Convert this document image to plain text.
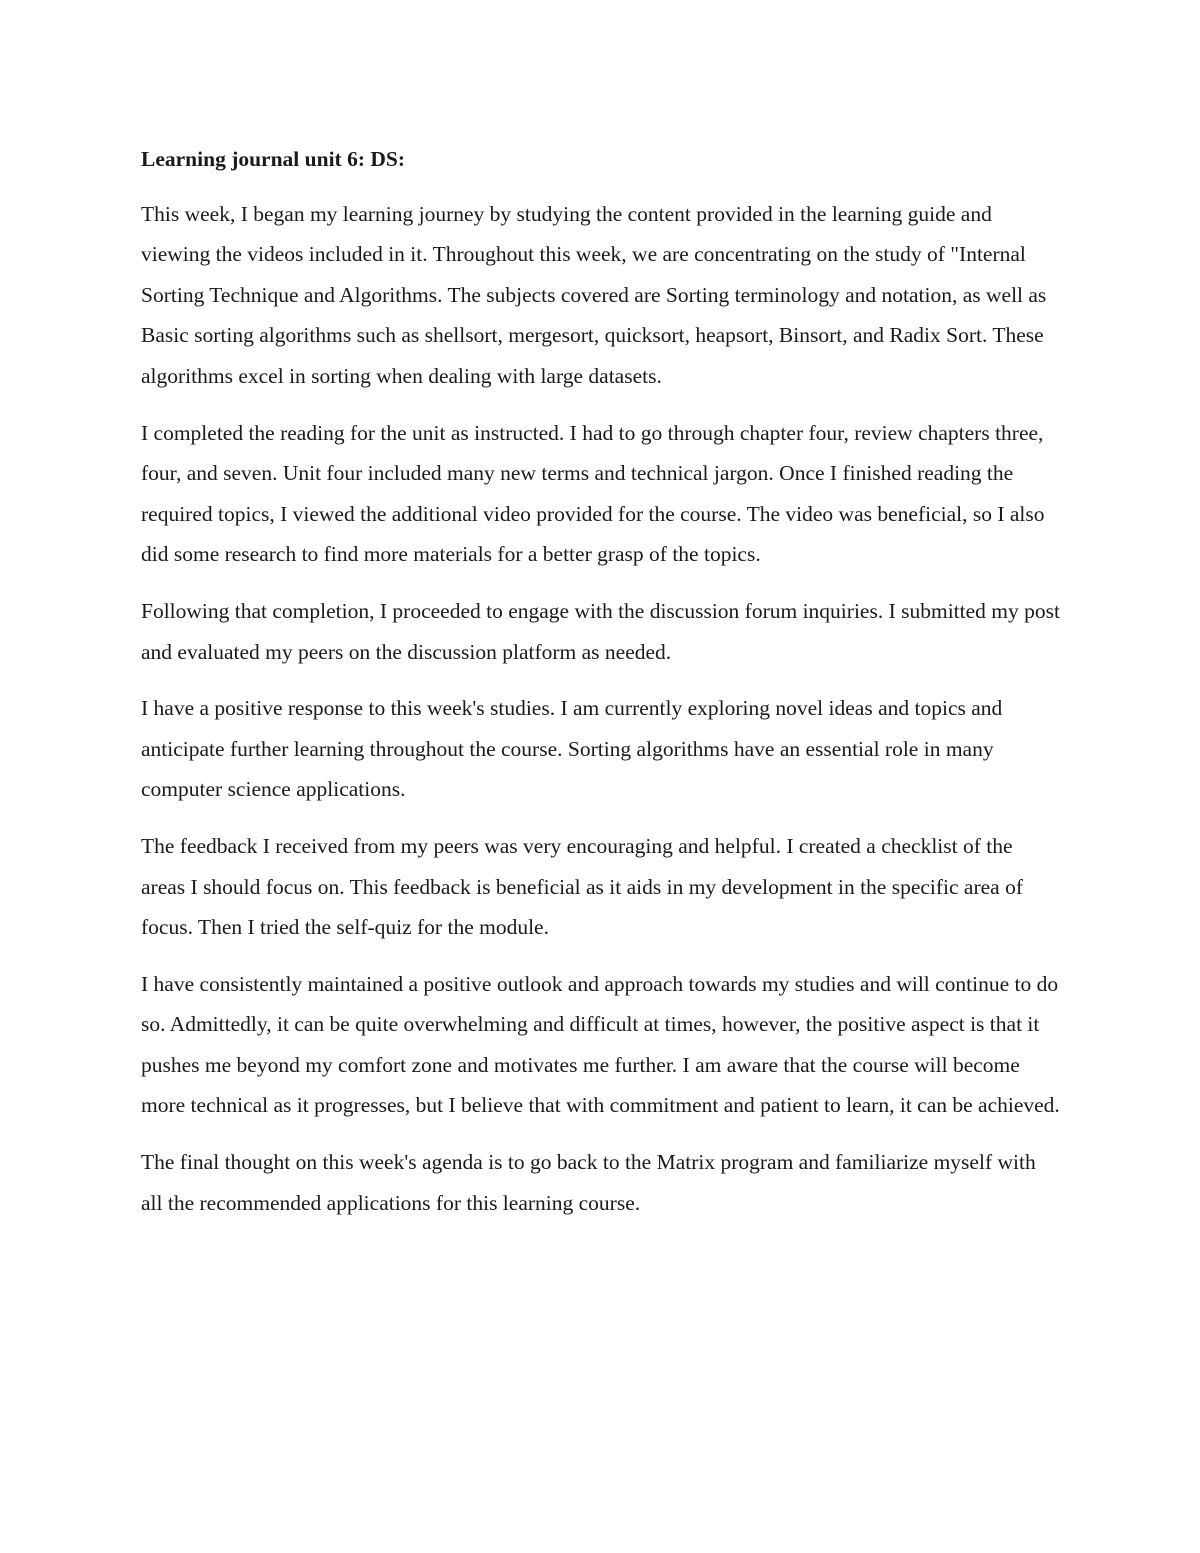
Learning journal unit 6: DS:

This week, I began my learning journey by studying the content provided in the learning guide and viewing the videos included in it. Throughout this week, we are concentrating on the study of "Internal Sorting Technique and Algorithms. The subjects covered are Sorting terminology and notation, as well as Basic sorting algorithms such as shellsort, mergesort, quicksort, heapsort, Binsort, and Radix Sort. These algorithms excel in sorting when dealing with large datasets.

I completed the reading for the unit as instructed. I had to go through chapter four, review chapters three, four, and seven. Unit four included many new terms and technical jargon. Once I finished reading the required topics, I viewed the additional video provided for the course. The video was beneficial, so I also did some research to find more materials for a better grasp of the topics.

Following that completion, I proceeded to engage with the discussion forum inquiries. I submitted my post and evaluated my peers on the discussion platform as needed.

I have a positive response to this week's studies. I am currently exploring novel ideas and topics and anticipate further learning throughout the course. Sorting algorithms have an essential role in many computer science applications.

The feedback I received from my peers was very encouraging and helpful. I created a checklist of the areas I should focus on. This feedback is beneficial as it aids in my development in the specific area of focus. Then I tried the self-quiz for the module.

I have consistently maintained a positive outlook and approach towards my studies and will continue to do so. Admittedly, it can be quite overwhelming and difficult at times, however, the positive aspect is that it pushes me beyond my comfort zone and motivates me further. I am aware that the course will become more technical as it progresses, but I believe that with commitment and patient to learn, it can be achieved.

The final thought on this week's agenda is to go back to the Matrix program and familiarize myself with all the recommended applications for this learning course.
